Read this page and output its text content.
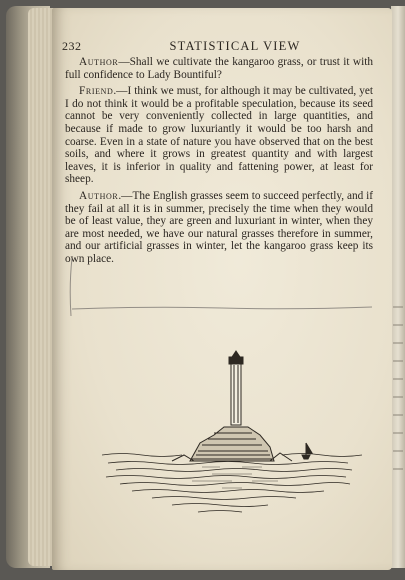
232	STATISTICAL VIEW

Author—Shall we cultivate the kangaroo grass, or trust it with full confidence to Lady Bountiful?

Friend.—I think we must, for although it may be cultivated, yet I do not think it would be a profitable speculation, because its seed cannot be very conveniently collected in large quantities, and because if made to grow luxuriantly it would be too harsh and coarse. Even in a state of nature you have observed that on the best soils, and where it grows in greatest quantity and with largest leaves, it is inferior in quality and fattening power, at least for sheep.

Author.—The English grasses seem to succeed perfectly, and if they fail at all it is in summer, precisely the time when they would be of least value, they are green and luxuriant in winter, when they are most needed, we have our natural grasses therefore in summer, and our artificial grasses in winter, let the kangaroo grass keep its own place.
